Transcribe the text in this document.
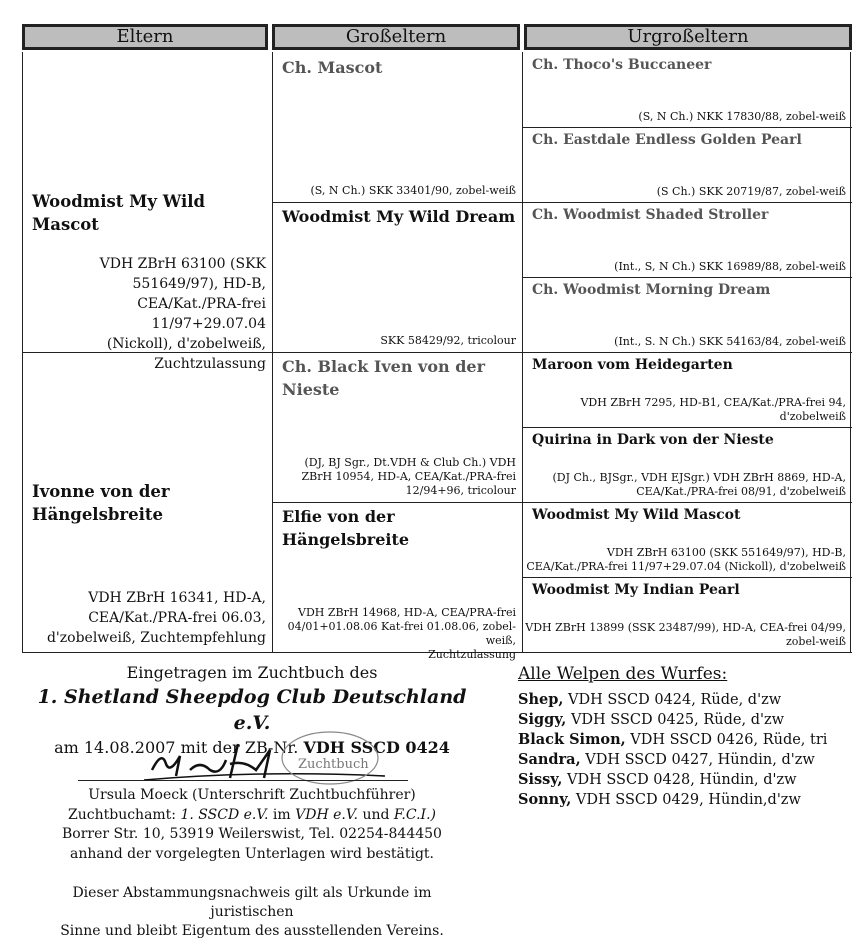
Eltern	Großeltern	Urgroßeltern
Woodmist My Wild Mascot
VDH ZBrH 63100 (SKK
551649/97), HD-B,
CEA/Kat./PRA-frei 11/97+29.07.04
(Nickoll), d'zobelweiß,
Zuchtzulassung
Ivonne von der Hängelsbreite
VDH ZBrH 16341, HD-A,
CEA/Kat./PRA-frei 06.03,
d'zobelweiß, Zuchtempfehlung
Ch. Mascot
(S, N Ch.) SKK 33401/90, zobel-weiß
Woodmist My Wild Dream
SKK 58429/92, tricolour
Ch. Black Iven von der Nieste
(DJ, BJ Sgr., Dt.VDH & Club Ch.) VDH
ZBrH 10954, HD-A, CEA/Kat./PRA-frei
12/94+96, tricolour
Elfie von der Hängelsbreite
VDH ZBrH 14968, HD-A, CEA/PRA-frei
04/01+01.08.06 Kat-frei 01.08.06, zobel-weiß,
Zuchtzulassung
Ch. Thoco's Buccaneer
(S, N Ch.) NKK 17830/88, zobel-weiß
Ch. Eastdale Endless Golden Pearl
(S Ch.) SKK 20719/87, zobel-weiß
Ch. Woodmist Shaded Stroller
(Int., S, N Ch.) SKK 16989/88, zobel-weiß
Ch. Woodmist Morning Dream
(Int., S. N Ch.) SKK 54163/84, zobel-weiß
Maroon vom Heidegarten
VDH ZBrH 7295, HD-B1, CEA/Kat./PRA-frei 94,
d'zobelweiß
Quirina in Dark von der Nieste
(DJ Ch., BJSgr., VDH EJSgr.) VDH ZBrH 8869, HD-A,
CEA/Kat./PRA-frei 08/91, d'zobelweiß
Woodmist My Wild Mascot
VDH ZBrH 63100 (SKK 551649/97), HD-B,
CEA/Kat./PRA-frei 11/97+29.07.04 (Nickoll), d'zobelweiß
Woodmist My Indian Pearl
VDH ZBrH 13899 (SSK 23487/99), HD-A, CEA-frei 04/99,
zobel-weiß
Eingetragen im Zuchtbuch des
1. Shetland Sheepdog Club Deutschland e.V.
am 14.08.2007 mit der ZB-Nr. VDH SSCD 0424
Zuchtbuch
Ursula Moeck (Unterschrift Zuchtbuchführer)
Zuchtbuchamt: 1. SSCD e.V. im VDH e.V. und F.C.I.)
Borrer Str. 10, 53919 Weilerswist, Tel. 02254-844450
anhand der vorgelegten Unterlagen wird bestätigt.
Dieser Abstammungsnachweis gilt als Urkunde im juristischen
Sinne und bleibt Eigentum des ausstellenden Vereins.
Alle Welpen des Wurfes:
Shep, VDH SSCD 0424, Rüde, d'zw
Siggy, VDH SSCD 0425, Rüde, d'zw
Black Simon, VDH SSCD 0426, Rüde, tri
Sandra, VDH SSCD 0427, Hündin, d'zw
Sissy, VDH SSCD 0428, Hündin, d'zw
Sonny, VDH SSCD 0429, Hündin,d'zw
